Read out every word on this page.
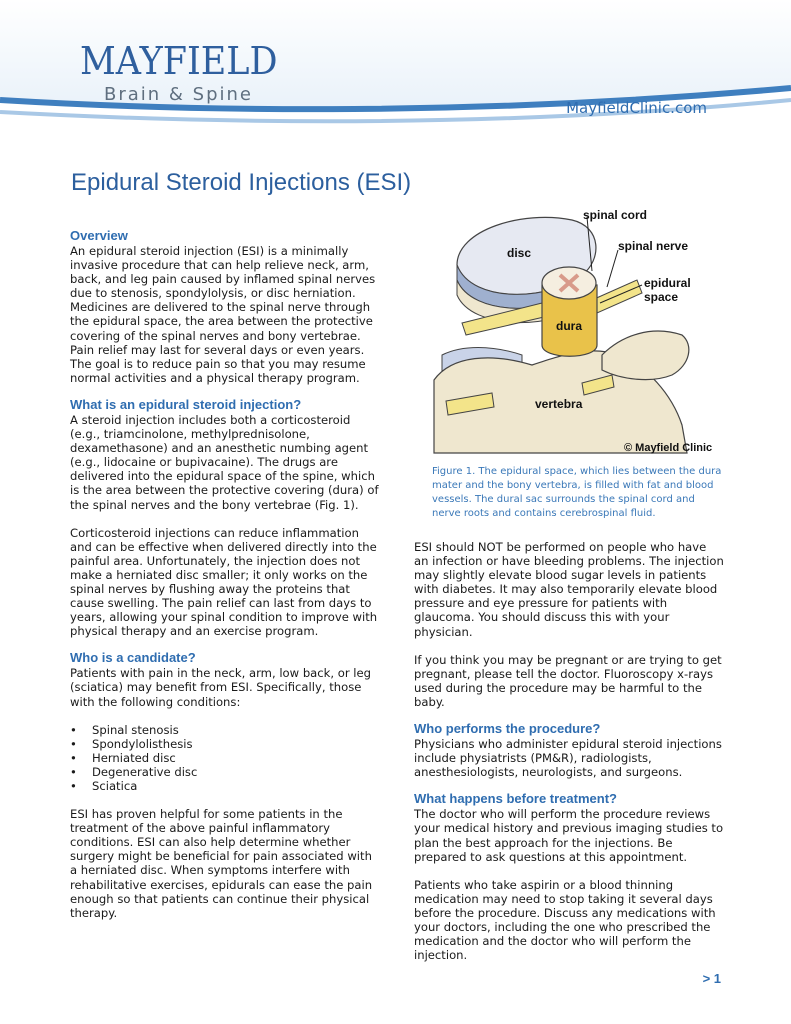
MAYFIELD
Brain & Spine
MayfieldClinic.com
Epidural Steroid Injections (ESI)
Overview

An epidural steroid injection (ESI) is a minimally invasive procedure that can help relieve neck, arm, back, and leg pain caused by inflamed spinal nerves due to stenosis, spondylolysis, or disc herniation. Medicines are delivered to the spinal nerve through the epidural space, the area between the protective covering of the spinal nerves and bony vertebrae. Pain relief may last for several days or even years. The goal is to reduce pain so that you may resume normal activities and a physical therapy program.

What is an epidural steroid injection?

A steroid injection includes both a corticosteroid (e.g., triamcinolone, methylprednisolone, dexamethasone) and an anesthetic numbing agent (e.g., lidocaine or bupivacaine). The drugs are delivered into the epidural space of the spine, which is the area between the protective covering (dura) of the spinal nerves and the bony vertebrae (Fig. 1).

Corticosteroid injections can reduce inflammation and can be effective when delivered directly into the painful area. Unfortunately, the injection does not make a herniated disc smaller; it only works on the spinal nerves by flushing away the proteins that cause swelling. The pain relief can last from days to years, allowing your spinal condition to improve with physical therapy and an exercise program.

Who is a candidate?

Patients with pain in the neck, arm, low back, or leg (sciatica) may benefit from ESI. Specifically, those with the following conditions:

• Spinal stenosis
• Spondylolisthesis
• Herniated disc
• Degenerative disc
• Sciatica

ESI has proven helpful for some patients in the treatment of the above painful inflammatory conditions. ESI can also help determine whether surgery might be beneficial for pain associated with a herniated disc. When symptoms interfere with rehabilitative exercises, epidurals can ease the pain enough so that patients can continue their physical therapy.

spinal cord
disc	spinal nerve
epidural
space
dura
vertebra
© Mayfield Clinic

Figure 1. The epidural space, which lies between the dura mater and the bony vertebra, is filled with fat and blood vessels. The dural sac surrounds the spinal cord and nerve roots and contains cerebrospinal fluid.

ESI should NOT be performed on people who have an infection or have bleeding problems. The injection may slightly elevate blood sugar levels in patients with diabetes. It may also temporarily elevate blood pressure and eye pressure for patients with glaucoma. You should discuss this with your physician.

If you think you may be pregnant or are trying to get pregnant, please tell the doctor. Fluoroscopy x-rays used during the procedure may be harmful to the baby.

Who performs the procedure?

Physicians who administer epidural steroid injections include physiatrists (PM&R), radiologists, anesthesiologists, neurologists, and surgeons.

What happens before treatment?

The doctor who will perform the procedure reviews your medical history and previous imaging studies to plan the best approach for the injections. Be prepared to ask questions at this appointment.

Patients who take aspirin or a blood thinning medication may need to stop taking it several days before the procedure. Discuss any medications with your doctors, including the one who prescribed the medication and the doctor who will perform the injection.

> 1
